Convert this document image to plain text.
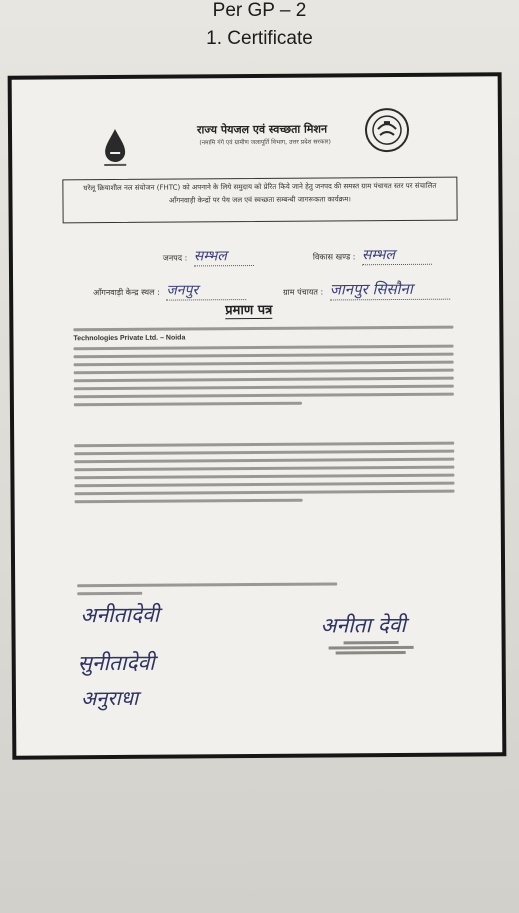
Per GP – 2
1. Certificate
राज्य पेयजल एवं स्वच्छता मिशन
(नमामि गंगे एवं ग्रामीण जलापूर्ति विभाग, उत्तर प्रदेश सरकार)
घरेलू क्रियाशील नल संयोजन (FHTC) को अपनाने के लिये समुदाय को प्रेरित किये जाने हेतु जनपद की समस्त ग्राम पंचायत स्तर पर संचालित आँगनवाड़ी केन्द्रों पर पेय जल एवं स्वच्छता सम्बन्धी जागरूकता कार्यक्रम।
जनपद : सम्भल	विकास खण्ड : सम्भल
आँगनवाड़ी केन्द्र स्थल : जनपुर	ग्राम पंचायत : जानपुर सिसौना
प्रमाण पत्र
Technologies Private Ltd. – Noida
अनीतादेवी
सुनीतादेवी
अनुराधा
अनीता देवी
